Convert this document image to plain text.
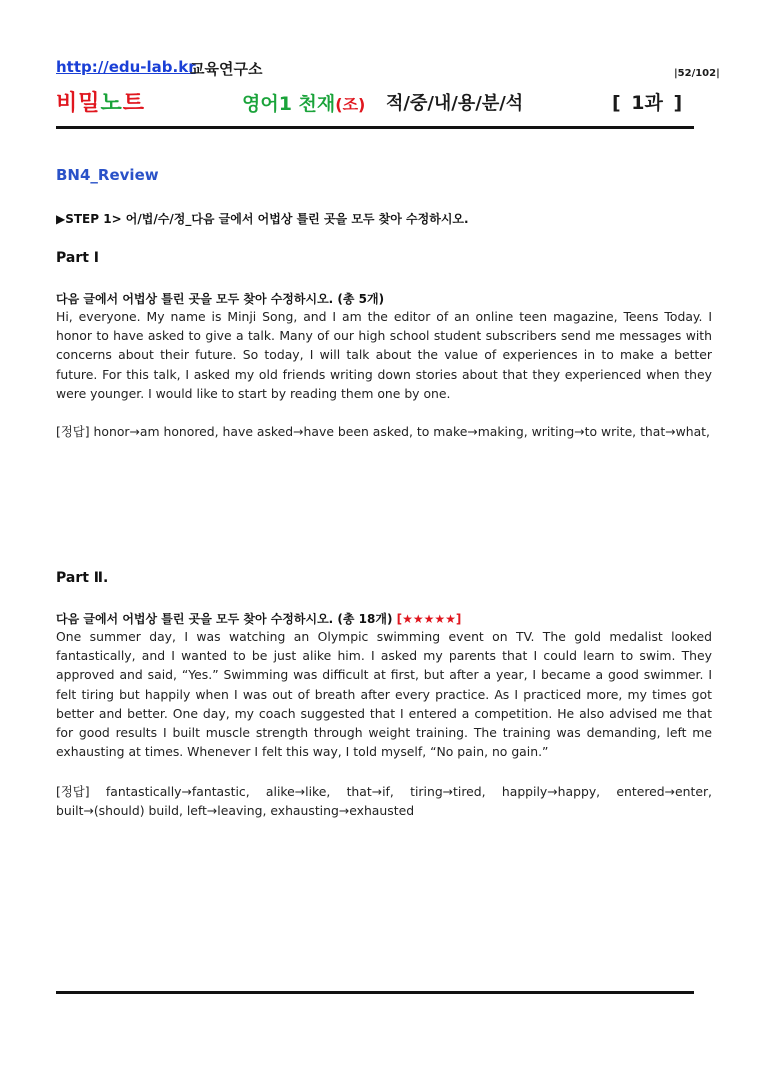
http://edu-lab.kr
교육연구소	|52/102|
비밀노트	영어1 천재(조) 적/중/내/용/분/석	[ 1과 ]
BN4_Review
▶STEP 1> 어/법/수/정_다음 글에서 어법상 틀린 곳을 모두 찾아 수정하시오.
Part Ⅰ
다음 글에서 어법상 틀린 곳을 모두 찾아 수정하시오. (총 5개)
Hi, everyone. My name is Minji Song, and I am the editor of an online teen magazine, Teens Today. I honor to have asked to give a talk. Many of our high school student subscribers send me messages with concerns about their future. So today, I will talk about the value of experiences in to make a better future. For this talk, I asked my old friends writing down stories about that they experienced when they were younger. I would like to start by reading them one by one.
[정답] honor→am honored, have asked→have been asked, to make→making, writing→to write, that→what,
Part Ⅱ.
다음 글에서 어법상 틀린 곳을 모두 찾아 수정하시오. (총 18개) [★★★★★]
One summer day, I was watching an Olympic swimming event on TV. The gold medalist looked fantastically, and I wanted to be just alike him. I asked my parents that I could learn to swim. They approved and said, “Yes.” Swimming was difficult at first, but after a year, I became a good swimmer. I felt tiring but happily when I was out of breath after every practice. As I practiced more, my times got better and better. One day, my coach suggested that I entered a competition. He also advised me that for good results I built muscle strength through weight training. The training was demanding, left me exhausting at times. Whenever I felt this way, I told myself, “No pain, no gain.”
[정답] fantastically→fantastic, alike→like, that→if, tiring→tired, happily→happy, entered→enter, built→(should) build, left→leaving, exhausting→exhausted
